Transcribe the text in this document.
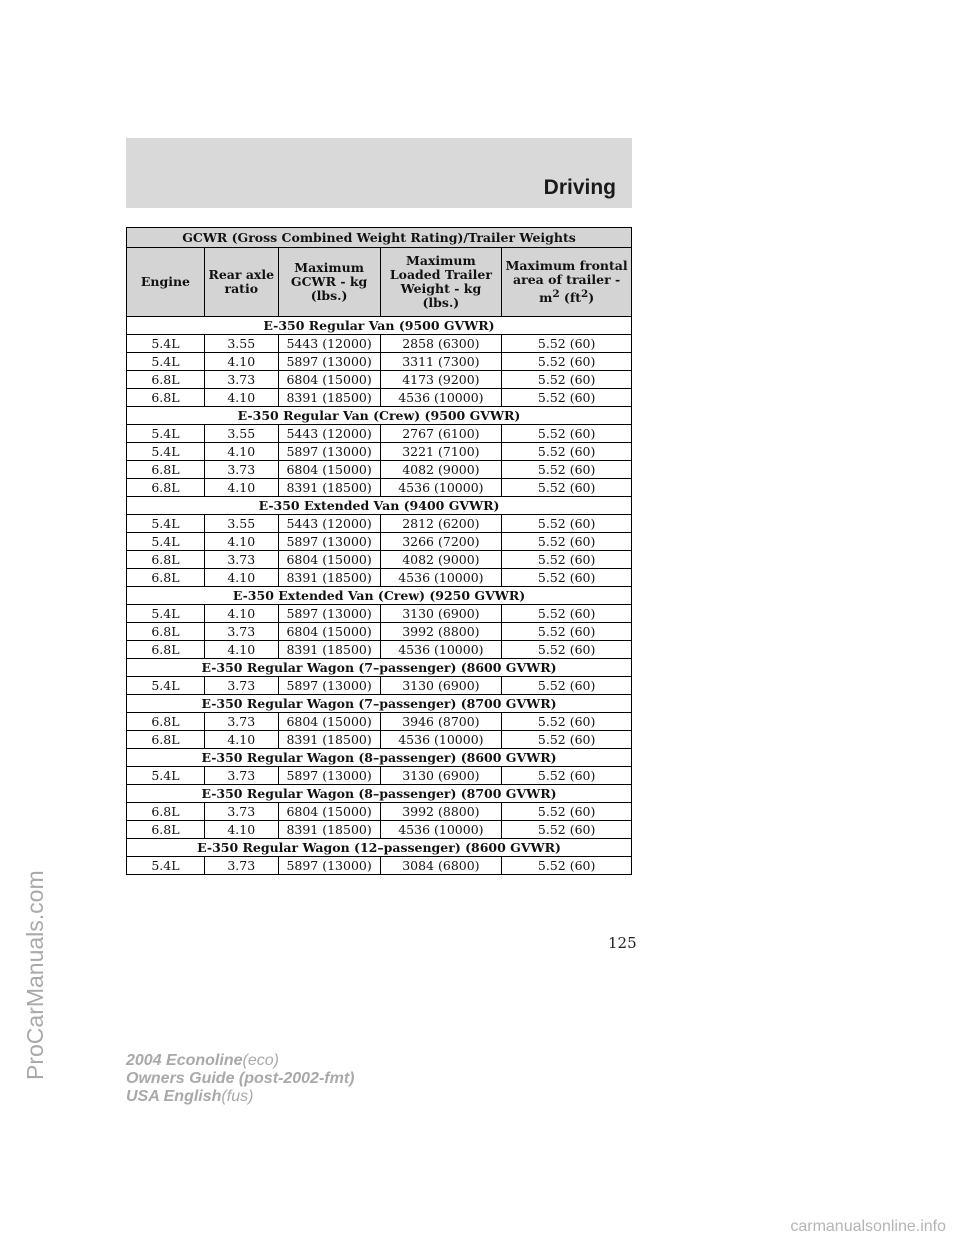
Driving
ProCarManuals.com
GCWR (Gross Combined Weight Rating)/Trailer Weights				
Engine	Rear axle ratio	Maximum GCWR - kg (lbs.)	Maximum Loaded Trailer Weight - kg (lbs.)	Maximum frontal area of trailer - $m^2$ $(ft^2)$
E-350 Regular Van (9500 GVWR)				
5.4L	3.55	5443 (12000)	2858 (6300)	5.52 (60)
5.4L	4.10	5897 (13000)	3311 (7300)	5.52 (60)
6.8L	3.73	6804 (15000)	4173 (9200)	5.52 (60)
6.8L	4.10	8391 (18500)	4536 (10000)	5.52 (60)
E-350 Regular Van (Crew) (9500 GVWR)				
5.4L	3.55	5443 (12000)	2767 (6100)	5.52 (60)
5.4L	4.10	5897 (13000)	3221 (7100)	5.52 (60)
6.8L	3.73	6804 (15000)	4082 (9000)	5.52 (60)
6.8L	4.10	8391 (18500)	4536 (10000)	5.52 (60)
E-350 Extended Van (9400 GVWR)				
5.4L	3.55	5443 (12000)	2812 (6200)	5.52 (60)
5.4L	4.10	5897 (13000)	3266 (7200)	5.52 (60)
6.8L	3.73	6804 (15000)	4082 (9000)	5.52 (60)
6.8L	4.10	8391 (18500)	4536 (10000)	5.52 (60)
E-350 Extended Van (Crew) (9250 GVWR)				
5.4L	4.10	5897 (13000)	3130 (6900)	5.52 (60)
6.8L	3.73	6804 (15000)	3992 (8800)	5.52 (60)
6.8L	4.10	8391 (18500)	4536 (10000)	5.52 (60)
E-350 Regular Wagon (7–passenger) (8600 GVWR)				
5.4L	3.73	5897 (13000)	3130 (6900)	5.52 (60)
E-350 Regular Wagon (7–passenger) (8700 GVWR)				
6.8L	3.73	6804 (15000)	3946 (8700)	5.52 (60)
6.8L	4.10	8391 (18500)	4536 (10000)	5.52 (60)
E-350 Regular Wagon (8–passenger) (8600 GVWR)				
5.4L	3.73	5897 (13000)	3130 (6900)	5.52 (60)
E-350 Regular Wagon (8–passenger) (8700 GVWR)				
6.8L	3.73	6804 (15000)	3992 (8800)	5.52 (60)
6.8L	4.10	8391 (18500)	4536 (10000)	5.52 (60)
E-350 Regular Wagon (12–passenger) (8600 GVWR)				
5.4L	3.73	5897 (13000)	3084 (6800)	5.52 (60)
125
2004 Econoline(eco)
Owners Guide (post-2002-fmt)
USA English(fus)
carmanualsonline.info
